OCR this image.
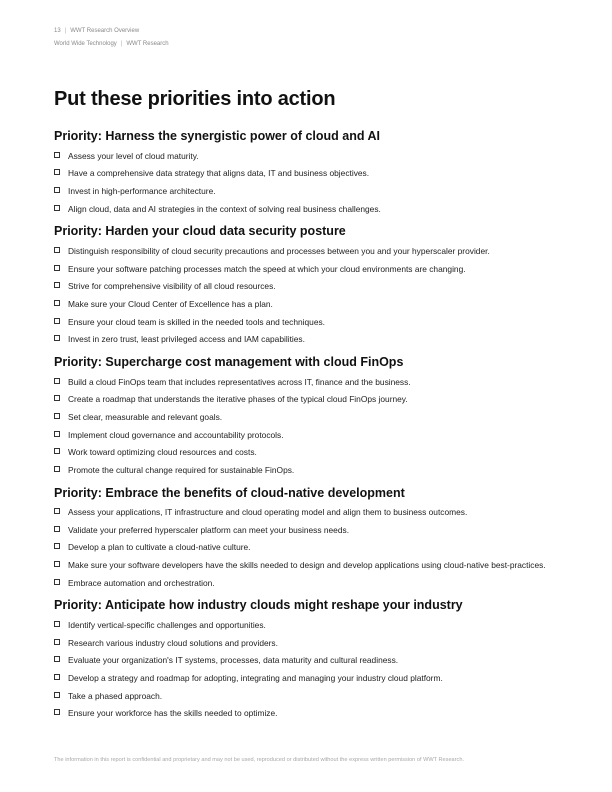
13 | WWT Research Overview
World Wide Technology | WWT Research
Put these priorities into action
Priority: Harness the synergistic power of cloud and AI
Assess your level of cloud maturity.
Have a comprehensive data strategy that aligns data, IT and business objectives.
Invest in high-performance architecture.
Align cloud, data and AI strategies in the context of solving real business challenges.
Priority: Harden your cloud data security posture
Distinguish responsibility of cloud security precautions and processes between you and your hyperscaler provider.
Ensure your software patching processes match the speed at which your cloud environments are changing.
Strive for comprehensive visibility of all cloud resources.
Make sure your Cloud Center of Excellence has a plan.
Ensure your cloud team is skilled in the needed tools and techniques.
Invest in zero trust, least privileged access and IAM capabilities.
Priority: Supercharge cost management with cloud FinOps
Build a cloud FinOps team that includes representatives across IT, finance and the business.
Create a roadmap that understands the iterative phases of the typical cloud FinOps journey.
Set clear, measurable and relevant goals.
Implement cloud governance and accountability protocols.
Work toward optimizing cloud resources and costs.
Promote the cultural change required for sustainable FinOps.
Priority: Embrace the benefits of cloud-native development
Assess your applications, IT infrastructure and cloud operating model and align them to business outcomes.
Validate your preferred hyperscaler platform can meet your business needs.
Develop a plan to cultivate a cloud-native culture.
Make sure your software developers have the skills needed to design and develop applications using cloud-native best-practices.
Embrace automation and orchestration.
Priority: Anticipate how industry clouds might reshape your industry
Identify vertical-specific challenges and opportunities.
Research various industry cloud solutions and providers.
Evaluate your organization's IT systems, processes, data maturity and cultural readiness.
Develop a strategy and roadmap for adopting, integrating and managing your industry cloud platform.
Take a phased approach.
Ensure your workforce has the skills needed to optimize.
The information in this report is confidential and proprietary and may not be used, reproduced or distributed without the express written permission of WWT Research.
